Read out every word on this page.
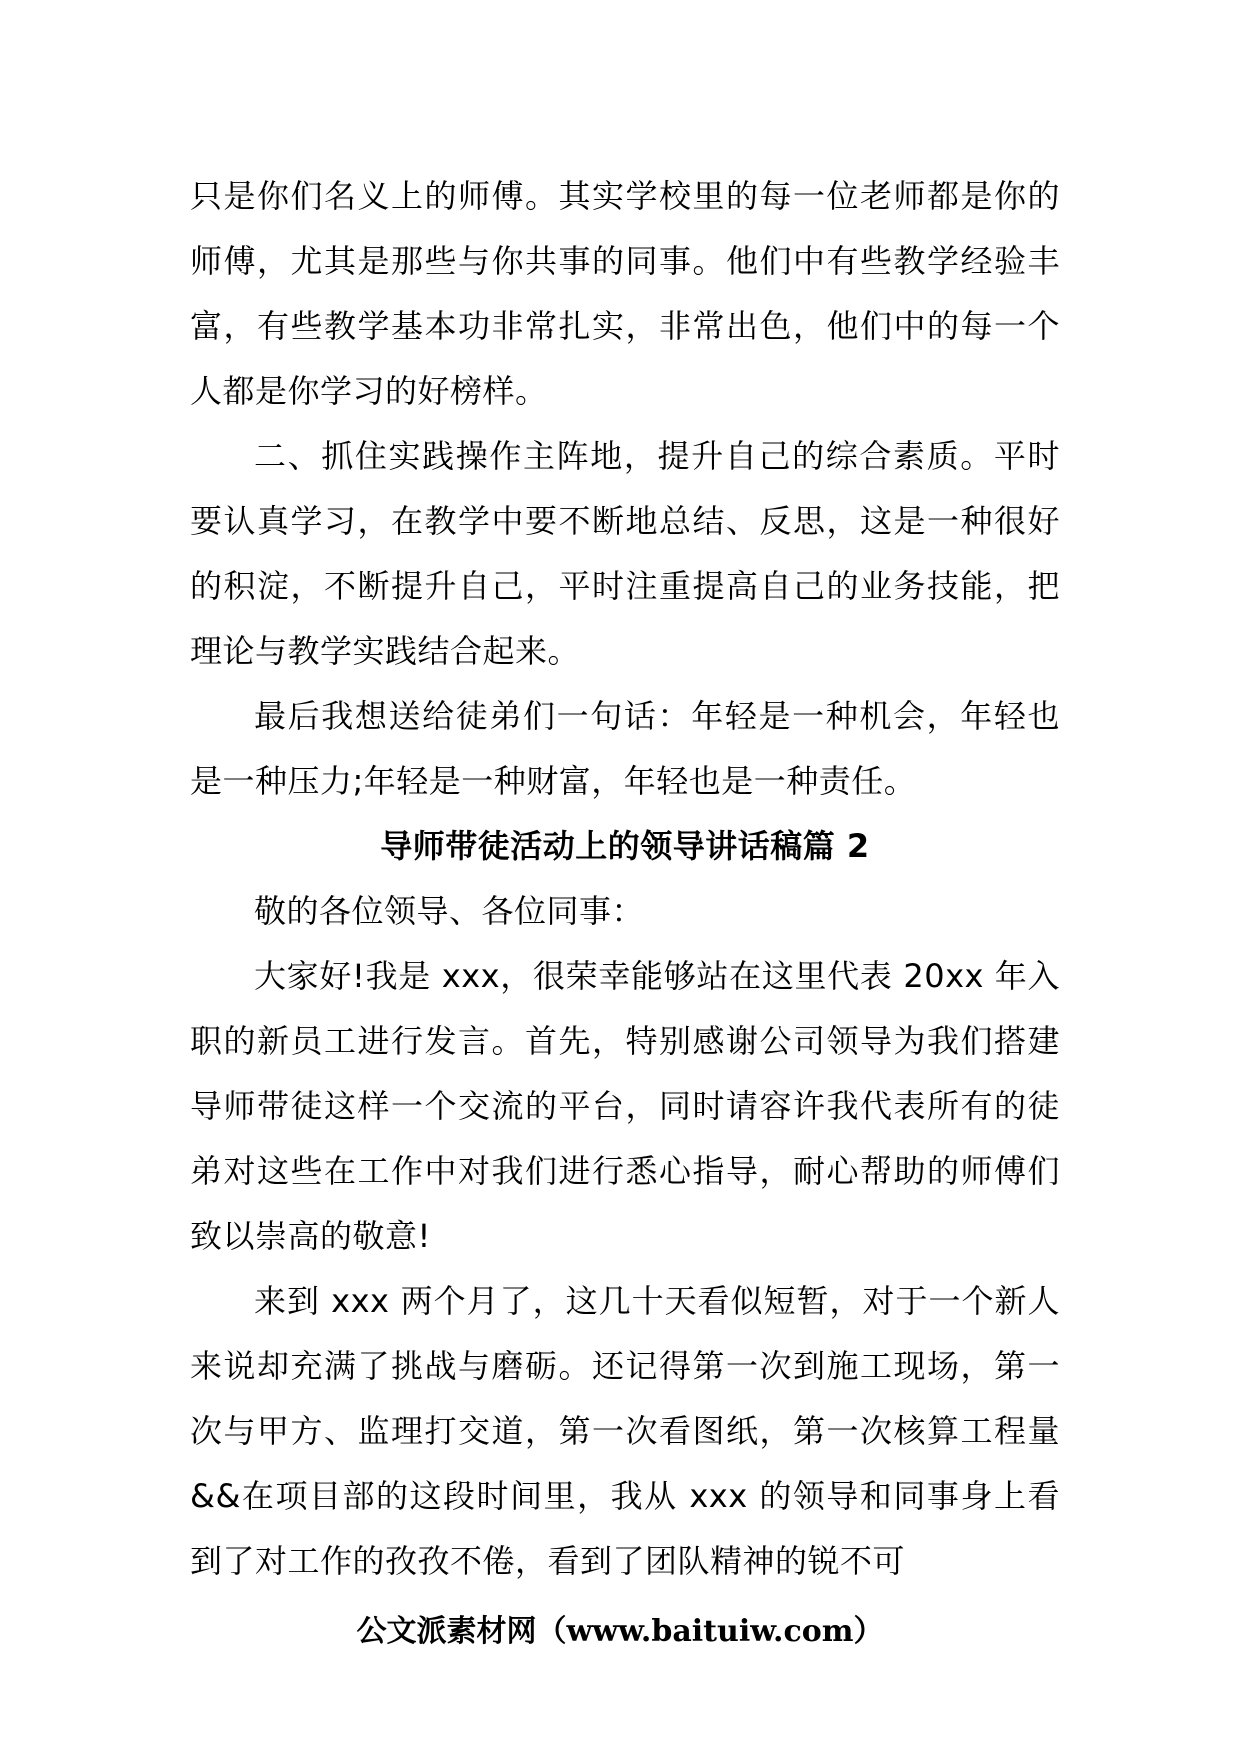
只是你们名义上的师傅。其实学校里的每一位老师都是你的师傅，尤其是那些与你共事的同事。他们中有些教学经验丰富，有些教学基本功非常扎实，非常出色，他们中的每一个人都是你学习的好榜样。

二、抓住实践操作主阵地，提升自己的综合素质。平时要认真学习，在教学中要不断地总结、反思，这是一种很好的积淀，不断提升自己，平时注重提高自己的业务技能，把理论与教学实践结合起来。

最后我想送给徒弟们一句话：年轻是一种机会，年轻也是一种压力;年轻是一种财富，年轻也是一种责任。

导师带徒活动上的领导讲话稿篇 2

敬的各位领导、各位同事：

大家好!我是 xxx，很荣幸能够站在这里代表 20xx 年入职的新员工进行发言。首先，特别感谢公司领导为我们搭建导师带徒这样一个交流的平台，同时请容许我代表所有的徒弟对这些在工作中对我们进行悉心指导，耐心帮助的师傅们致以崇高的敬意!

来到 xxx 两个月了，这几十天看似短暂，对于一个新人来说却充满了挑战与磨砺。还记得第一次到施工现场，第一次与甲方、监理打交道，第一次看图纸，第一次核算工程量&&在项目部的这段时间里，我从 xxx 的领导和同事身上看到了对工作的孜孜不倦，看到了团队精神的锐不可

公文派素材网（www.baituiw.com）
